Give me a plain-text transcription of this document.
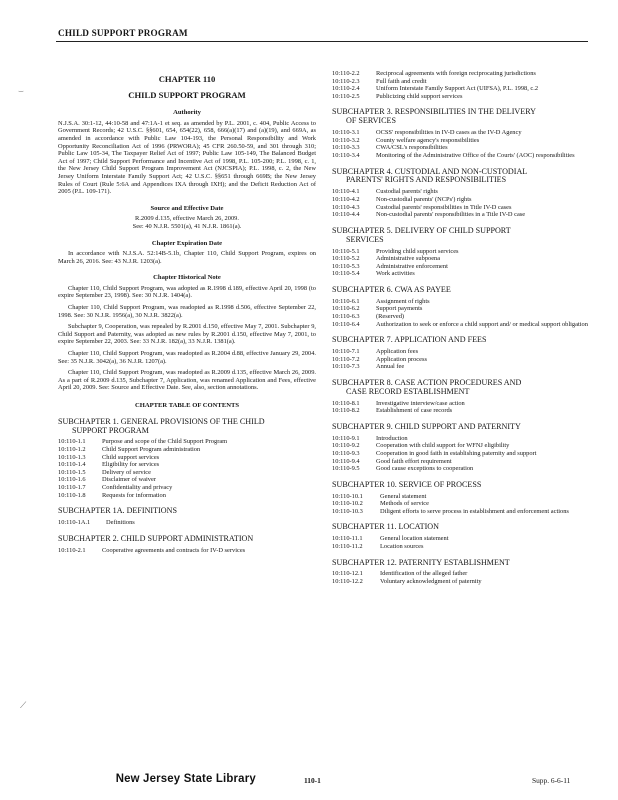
CHILD SUPPORT PROGRAM
CHAPTER 110
CHILD SUPPORT PROGRAM
Authority

N.J.S.A. 30:1-12, 44:10-58 and 47:1A-1 et seq. as amended by P.L. 2001, c. 404, Public Access to Government Records; 42 U.S.C. §§601, 654, 654(22), 658, 666(a)(17) and (a)(19), and 669A, as amended in accordance with Public Law 104-193, the Personal Responsibility and Work Opportunity Reconciliation Act of 1996 (PRWORA); 45 CFR 260.50-59, and 301 through 310; Public Law 105-34, The Taxpayer Relief Act of 1997; Public Law 105-149, The Balanced Budget Act of 1997; Child Support Performance and Incentive Act of 1998, P.L. 105-200; P.L. 1998, c. 1, the New Jersey Child Support Program Improvement Act (NJCSPIA); P.L. 1998, c. 2, the New Jersey Uniform Interstate Family Support Act; 42 U.S.C. §§651 through 669B; the New Jersey Rules of Court (Rule 5:6A and Appendices IXA through IXH); and the Deficit Reduction Act of 2005 (P.L. 109-171).

Source and Effective Date

R.2009 d.135, effective March 26, 2009.

See: 40 N.J.R. 5501(a), 41 N.J.R. 1861(a).

Chapter Expiration Date

In accordance with N.J.S.A. 52:14B-5.1b, Chapter 110, Child Support Program, expires on March 26, 2016. See: 43 N.J.R. 1203(a).

Chapter Historical Note

Chapter 110, Child Support Program, was adopted as R.1998 d.189, effective April 20, 1998 (to expire September 23, 1998). See: 30 N.J.R. 1404(a).

Chapter 110, Child Support Program, was readopted as R.1998 d.506, effective September 22, 1998. See: 30 N.J.R. 1956(a), 30 N.J.R. 3822(a).

Subchapter 9, Cooperation, was repealed by R.2001 d.150, effective May 7, 2001. Subchapter 9, Child Support and Paternity, was adopted as new rules by R.2001 d.150, effective May 7, 2001, to expire September 22, 2003. See: 33 N.J.R. 182(a), 33 N.J.R. 1381(a).

Chapter 110, Child Support Program, was readopted as R.2004 d.88, effective January 29, 2004. See: 35 N.J.R. 3042(a), 36 N.J.R. 1207(a).

Chapter 110, Child Support Program, was readopted as R.2009 d.135, effective March 26, 2009. As a part of R.2009 d.135, Subchapter 7, Application, was renamed Application and Fees, effective April 20, 2009. See: Source and Effective Date. See, also, section annotations.

CHAPTER TABLE OF CONTENTS
SUBCHAPTER 1. GENERAL PROVISIONS OF THE CHILD
SUPPORT PROGRAM
10:110-1.1	Purpose and scope of the Child Support Program
10:110-1.2	Child Support Program administration
10:110-1.3	Child support services
10:110-1.4	Eligibility for services
10:110-1.5	Delivery of service
10:110-1.6	Disclaimer of waiver
10:110-1.7	Confidentiality and privacy
10:110-1.8	Requests for information
SUBCHAPTER 1A. DEFINITIONS
10:110-1A.1	Definitions
SUBCHAPTER 2. CHILD SUPPORT ADMINISTRATION
10:110-2.1	Cooperative agreements and contracts for IV-D services
10:110-2.2	Reciprocal agreements with foreign reciprocating jurisdictions
10:110-2.3	Full faith and credit
10:110-2.4	Uniform Interstate Family Support Act (UIFSA), P.L. 1998, c.2
10:110-2.5	Publicizing child support services
SUBCHAPTER 3. RESPONSIBILITIES IN THE DELIVERY
OF SERVICES
10:110-3.1	OCSS' responsibilities in IV-D cases as the IV-D Agency
10:110-3.2	County welfare agency's responsibilities
10:110-3.3	CWA/CSL's responsibilities
10:110-3.4	Monitoring of the Administrative Office of the Courts' (AOC) responsibilities
SUBCHAPTER 4. CUSTODIAL AND NON-CUSTODIAL
PARENTS' RIGHTS AND RESPONSIBILITIES
10:110-4.1	Custodial parents' rights
10:110-4.2	Non-custodial parents' (NCPs') rights
10:110-4.3	Custodial parents' responsibilities in Title IV-D cases
10:110-4.4	Non-custodial parents' responsibilities in a Title IV-D case
SUBCHAPTER 5. DELIVERY OF CHILD SUPPORT
SERVICES
10:110-5.1	Providing child support services
10:110-5.2	Administrative subpoena
10:110-5.3	Administrative enforcement
10:110-5.4	Work activities
SUBCHAPTER 6. CWA AS PAYEE
10:110-6.1	Assignment of rights
10:110-6.2	Support payments
10:110-6.3	(Reserved)
10:110-6.4	Authorization to seek or enforce a child support and/ or medical support obligation
SUBCHAPTER 7. APPLICATION AND FEES
10:110-7.1	Application fees
10:110-7.2	Application process
10:110-7.3	Annual fee
SUBCHAPTER 8. CASE ACTION PROCEDURES AND
CASE RECORD ESTABLISHMENT
10:110-8.1	Investigative interview/case action
10:110-8.2	Establishment of case records
SUBCHAPTER 9. CHILD SUPPORT AND PATERNITY
10:110-9.1	Introduction
10:110-9.2	Cooperation with child support for WFNJ eligibility
10:110-9.3	Cooperation in good faith in establishing paternity and support
10:110-9.4	Good faith effort requirement
10:110-9.5	Good cause exceptions to cooperation
SUBCHAPTER 10. SERVICE OF PROCESS
10:110-10.1	General statement
10:110-10.2	Methods of service
10:110-10.3	Diligent efforts to serve process in establishment and enforcement actions
SUBCHAPTER 11. LOCATION
10:110-11.1	General location statement
10:110-11.2	Location sources
SUBCHAPTER 12. PATERNITY ESTABLISHMENT
10:110-12.1	Identification of the alleged father
10:110-12.2	Voluntary acknowledgment of paternity
⌣
⟋
New Jersey State Library	110-1	Supp. 6-6-11
